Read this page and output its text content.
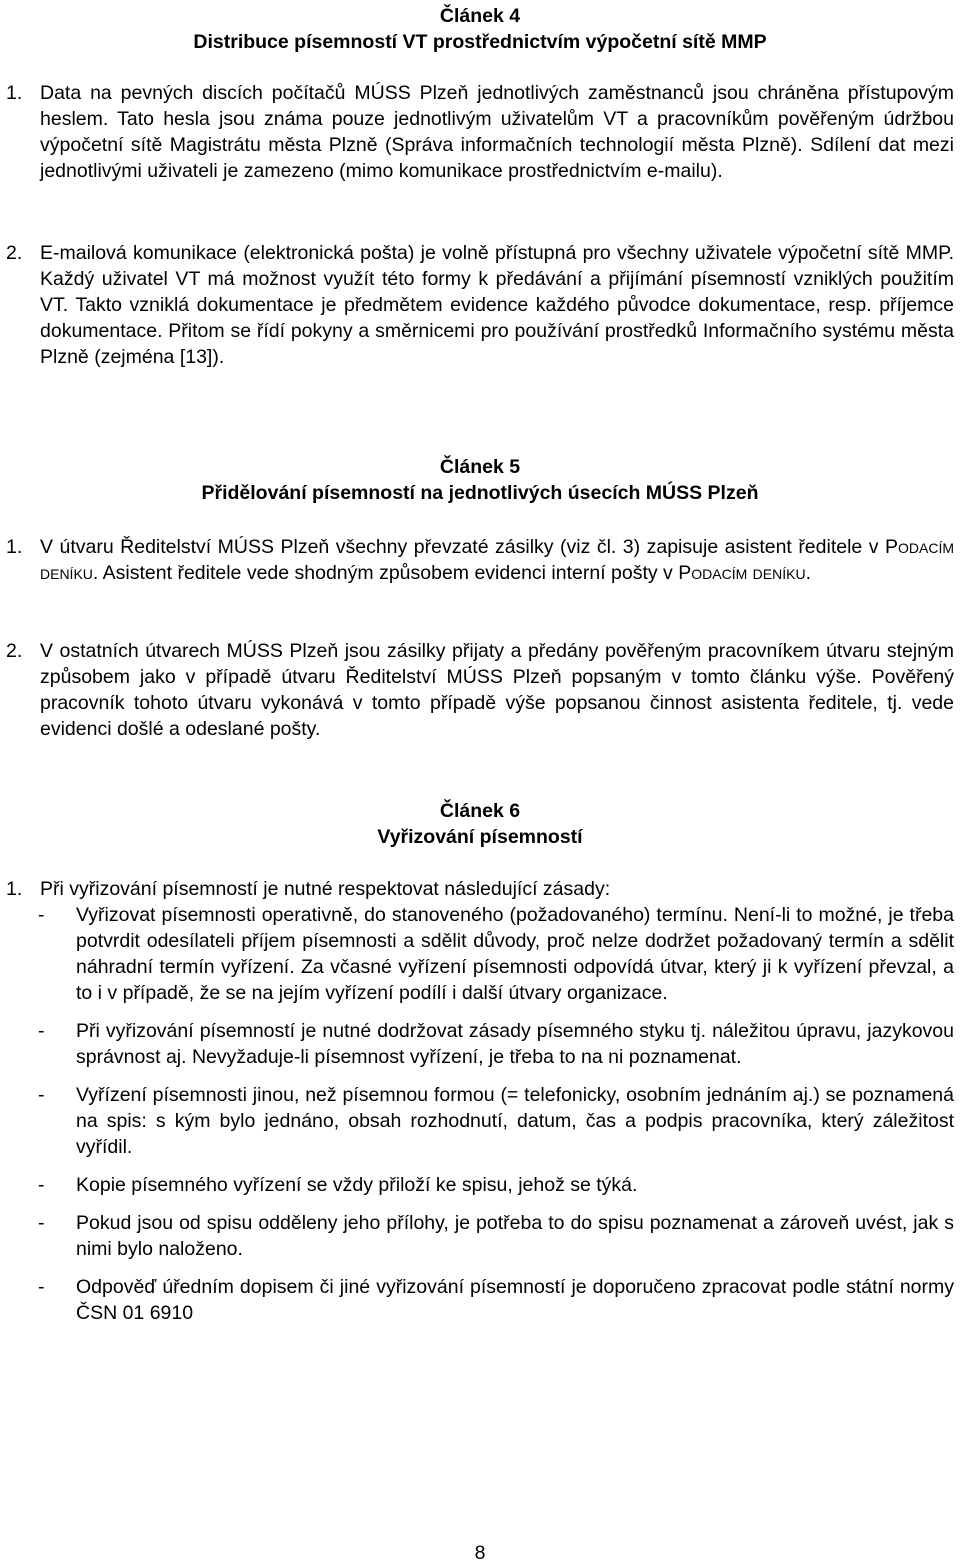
Článek 4

Distribuce písemností VT prostřednictvím výpočetní sítě MMP

1. Data na pevných discích počítačů MÚSS Plzeň jednotlivých zaměstnanců jsou chráněna přístupovým heslem. Tato hesla jsou známa pouze jednotlivým uživatelům VT a pracovníkům pověřeným údržbou výpočetní sítě Magistrátu města Plzně (Správa informačních technologií města Plzně). Sdílení dat mezi jednotlivými uživateli je zamezeno (mimo komunikace prostřednictvím e-mailu).

2. E-mailová komunikace (elektronická pošta) je volně přístupná pro všechny uživatele výpočetní sítě MMP. Každý uživatel VT má možnost využít této formy k předávání a přijímání písemností vzniklých použitím VT. Takto vzniklá dokumentace je předmětem evidence každého původce dokumentace, resp. příjemce dokumentace. Přitom se řídí pokyny a směrnicemi pro používání prostředků Informačního systému města Plzně (zejména [13]).

Článek 5

Přidělování písemností na jednotlivých úsecích MÚSS Plzeň

1. V útvaru Ředitelství MÚSS Plzeň všechny převzaté zásilky (viz čl. 3) zapisuje asistent ředitele v Podacím deníku. Asistent ředitele vede shodným způsobem evidenci interní pošty v Podacím deníku.

2. V ostatních útvarech MÚSS Plzeň jsou zásilky přijaty a předány pověřeným pracovníkem útvaru stejným způsobem jako v případě útvaru Ředitelství MÚSS Plzeň popsaným v tomto článku výše. Pověřený pracovník tohoto útvaru vykonává v tomto případě výše popsanou činnost asistenta ředitele, tj. vede evidenci došlé a odeslané pošty.

Článek 6

Vyřizování písemností

1. Při vyřizování písemností je nutné respektovat následující zásady:

- Vyřizovat písemnosti operativně, do stanoveného (požadovaného) termínu. Není-li to možné, je třeba potvrdit odesílateli příjem písemnosti a sdělit důvody, proč nelze dodržet požadovaný termín a sdělit náhradní termín vyřízení. Za včasné vyřízení písemnosti odpovídá útvar, který ji k vyřízení převzal, a to i v případě, že se na jejím vyřízení podílí i další útvary organizace.
- Při vyřizování písemností je nutné dodržovat zásady písemného styku tj. náležitou úpravu, jazykovou správnost aj. Nevyžaduje-li písemnost vyřízení, je třeba to na ni poznamenat.
- Vyřízení písemnosti jinou, než písemnou formou (= telefonicky, osobním jednáním aj.) se poznamená na spis: s kým bylo jednáno, obsah rozhodnutí, datum, čas a podpis pracovníka, který záležitost vyřídil.
- Kopie písemného vyřízení se vždy přiloží ke spisu, jehož se týká.
- Pokud jsou od spisu odděleny jeho přílohy, je potřeba to do spisu poznamenat a zároveň uvést, jak s nimi bylo naloženo.
- Odpověď úředním dopisem či jiné vyřizování písemností je doporučeno zpracovat podle státní normy ČSN 01 6910
8
